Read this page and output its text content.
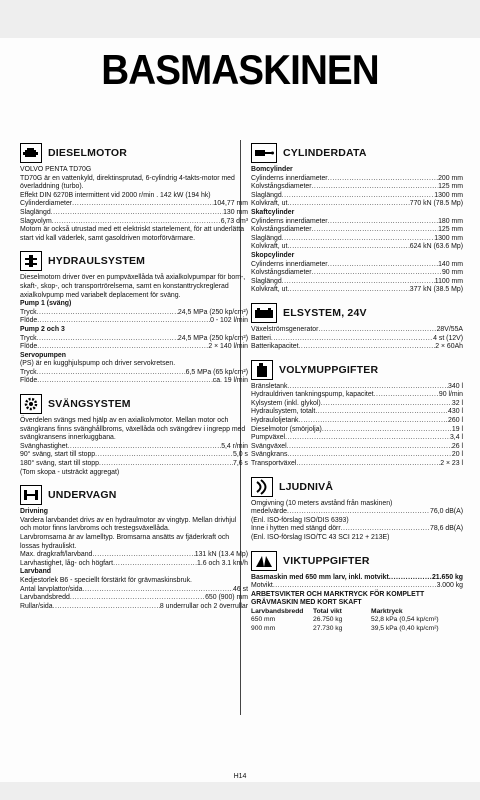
BASMASKINEN
DIESELMOTOR
VOLVO PENTA TD70G
TD70G är en vattenkyld, direktinsprutad, 6-cylindrig 4-takts-motor med överladdning (turbo).
Effekt DIN 6270B intermittent vid 2000 r/min . 142 kW (194 hk)
Cylinderdiameter .....	104,77 mm
Slaglängd .....	130 mm
Slagvolym .....	6,73 dm³
Motorn är också utrustad med ett elektriskt startelement, för att underlätta start vid kall väderlek, samt gasoldriven motorförvärmare.
HYDRAULSYSTEM
Dieselmotorn driver över en pumpväxellåda två axialkolvpumpar för bom-, skaft-, skop-, och transportrörelserna, samt en konstanttryckreglerad axialkolvpump med variabelt deplacement för sväng.
Pump 1 (sväng)
Tryck .....	24,5 MPa (250 kp/cm²)
Flöde .....	0 - 102 l/min
Pump 2 och 3
Tryck .....	24,5 MPa (250 kp/cm²)
Flöde .....	2 × 140 l/min
Servopumpen
(PS) är en kugghjulspump och driver servokretsen.
Tryck .....	6,5 MPa (65 kp/cm²)
Flöde .....	ca. 19 l/min
SVÄNGSYSTEM
Överdelen svängs med hjälp av en axialkolvmotor. Mellan motor och svängkrans finns svänghållbroms, växellåda och svängdrev i ingrepp med svängkransens innerkuggbana.
Svänghastighet .....	5,4 r/min
90° sväng, start till stopp .....	5,0 s
180° sväng, start till stopp .....	7,6 s
(Tom skopa - utsträckt aggregat)
UNDERVAGN
Drivning
Vardera larvbandet drivs av en hydraulmotor av vingtyp. Mellan drivhjul och motor finns larvbroms och trestegsväxellåda.
Larvbromsarna är av lamelltyp. Bromsarna ansätts av fjäderkraft och lossas hydrauliskt.
Max. dragkraft/larvband .....	131 kN (13.4 Mp)
Larvhastighet, låg- och högfart .....	1.6 och 3.1 km/h
Larvband
Kedjestorlek B6 - speciellt förstärkt för grävmaskinsbruk.
Antal larvplattor/sida .....	46 st
Larvbandsbredd .....	650 (900) mm
Rullar/sida .....	8 underrullar och 2 överrullar
CYLINDERDATA
Bomcylinder
Cylinderns innerdiameter .....	200 mm
Kolvstångsdiameter .....	125 mm
Slaglängd .....	1300 mm
Kolvkraft, ut .....	770 kN (78.5 Mp)
Skaftcylinder
Cylinderns innerdiameter .....	180 mm
Kolvstångsdiameter .....	125 mm
Slaglängd .....	1300 mm
Kolvkraft, ut .....	624 kN (63.6 Mp)
Skopcylinder
Cylinderns innerdiameter .....	140 mm
Kolvstångsdiameter .....	90 mm
Slaglängd .....	1100 mm
Kolvkraft, ut .....	377 kN (38.5 Mp)
ELSYSTEM, 24V
Växelströmsgenerator .....	28V/55A
Batteri .....	4 st (12V)
Batterikapacitet .....	2 × 60Ah
VOLYMUPPGIFTER
Bränsletank .....	340 l
Hydrauldriven tankningspump, kapacitet .....	90 l/min
Kylsystem (inkl. glykol) .....	32 l
Hydraulsystem, totalt .....	430 l
Hydrauloljetank .....	260 l
Dieselmotor (smörjolja) .....	19 l
Pumpväxel .....	3,4 l
Svängväxel .....	26 l
Svängkrans .....	20 l
Transportväxel .....	2 × 23 l
LJUDNIVÅ
Omgivning (10 meters avstånd från maskinen)
medelvärde .....	76,0 dB(A)
(Enl. ISO-förslag ISO/DIS 6393)
Inne i hytten med stängd dörr .....	78,6 dB(A)
(Enl. ISO-förslag ISO/TC 43 SCI 212 + 213E)
VIKTUPPGIFTER
Basmaskin med 650 mm larv, inkl. motvikt .....	21.650 kg
Motvikt .....	3.000 kg
ARBETSVIKTER OCH MARKTRYCK FÖR KOMPLETT GRÄVMASKIN MED KORT SKAFT
Larvbandsbredd	Total vikt	Marktryck
650 mm	26.750 kg	52,8 kPa (0,54 kp/cm²)
900 mm	27.730 kg	39,5 kPa (0,40 kp/cm²)
H14
